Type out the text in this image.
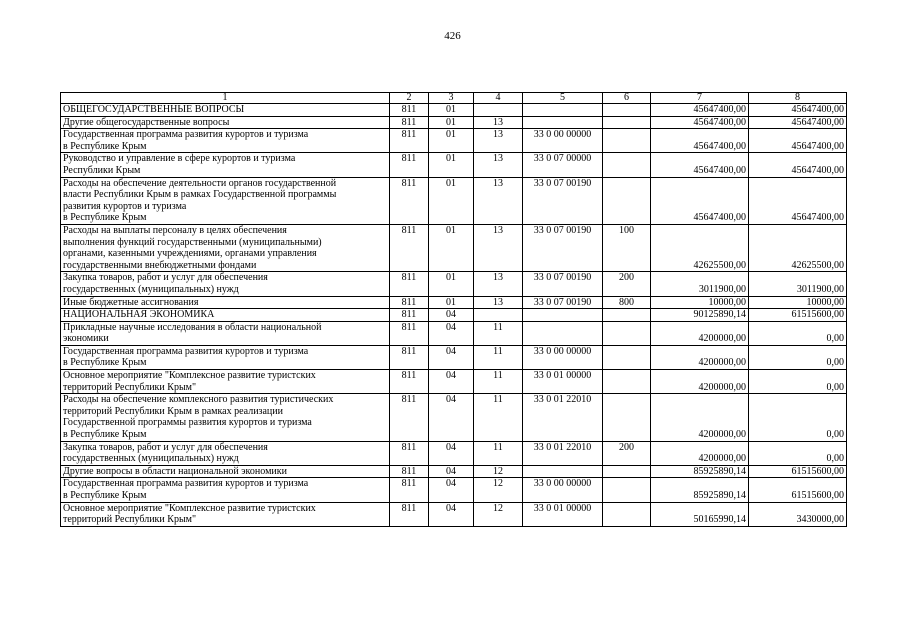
426
1	2	3	4	5	6	7	8
ОБЩЕГОСУДАРСТВЕННЫЕ ВОПРОСЫ	811	01				45647400,00	45647400,00
Другие общегосударственные вопросы	811	01	13			45647400,00	45647400,00
Государственная программа развития курортов и туризма
в Республике Крым	811	01	13	33 0 00 00000		45647400,00	45647400,00
Руководство и управление в сфере курортов и туризма
Республики Крым	811	01	13	33 0 07 00000		45647400,00	45647400,00
Расходы на обеспечение деятельности органов государственной
власти Республики Крым в рамках Государственной программы
развития курортов и туризма
в Республике Крым	811	01	13	33 0 07 00190		45647400,00	45647400,00
Расходы на выплаты персоналу в целях обеспечения
выполнения функций государственными (муниципальными)
органами, казенными учреждениями, органами управления
государственными внебюджетными фондами	811	01	13	33 0 07 00190	100	42625500,00	42625500,00
Закупка товаров, работ и услуг для обеспечения
государственных (муниципальных) нужд	811	01	13	33 0 07 00190	200	3011900,00	3011900,00
Иные бюджетные ассигнования	811	01	13	33 0 07 00190	800	10000,00	10000,00
НАЦИОНАЛЬНАЯ ЭКОНОМИКА	811	04				90125890,14	61515600,00
Прикладные научные исследования в области национальной
экономики	811	04	11			4200000,00	0,00
Государственная программа развития курортов и туризма
в Республике Крым	811	04	11	33 0 00 00000		4200000,00	0,00
Основное мероприятие "Комплексное развитие туристских
территорий Республики Крым"	811	04	11	33 0 01 00000		4200000,00	0,00
Расходы на обеспечение комплексного развития туристических
территорий Республики Крым в рамках реализации
Государственной программы развития курортов и туризма
в Республике Крым	811	04	11	33 0 01 22010		4200000,00	0,00
Закупка товаров, работ и услуг для обеспечения
государственных (муниципальных) нужд	811	04	11	33 0 01 22010	200	4200000,00	0,00
Другие вопросы в области национальной экономики	811	04	12			85925890,14	61515600,00
Государственная программа развития курортов и туризма
в Республике Крым	811	04	12	33 0 00 00000		85925890,14	61515600,00
Основное мероприятие "Комплексное развитие туристских
территорий Республики Крым"	811	04	12	33 0 01 00000		50165990,14	3430000,00
